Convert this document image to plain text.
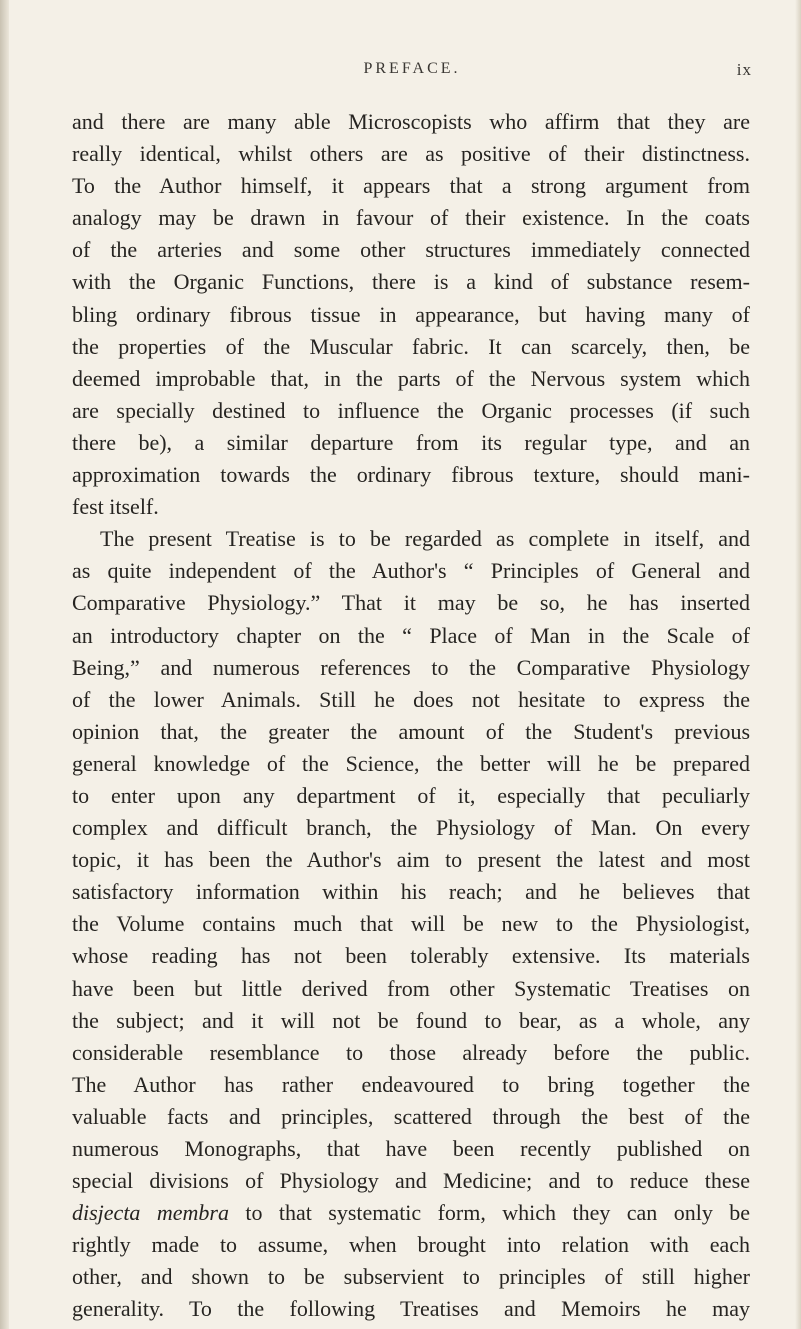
PREFACE.	ix
and there are many able Microscopists who affirm that they are
really identical, whilst others are as positive of their distinctness.
To the Author himself, it appears that a strong argument from
analogy may be drawn in favour of their existence. In the coats
of the arteries and some other structures immediately connected
with the Organic Functions, there is a kind of substance resem-
bling ordinary fibrous tissue in appearance, but having many of
the properties of the Muscular fabric. It can scarcely, then, be
deemed improbable that, in the parts of the Nervous system which
are specially destined to influence the Organic processes (if such
there be), a similar departure from its regular type, and an
approximation towards the ordinary fibrous texture, should mani-
fest itself.
The present Treatise is to be regarded as complete in itself, and
as quite independent of the Author's “ Principles of General and
Comparative Physiology.” That it may be so, he has inserted
an introductory chapter on the “ Place of Man in the Scale of
Being,” and numerous references to the Comparative Physiology
of the lower Animals. Still he does not hesitate to express the
opinion that, the greater the amount of the Student's previous
general knowledge of the Science, the better will he be prepared
to enter upon any department of it, especially that peculiarly
complex and difficult branch, the Physiology of Man. On every
topic, it has been the Author's aim to present the latest and most
satisfactory information within his reach; and he believes that
the Volume contains much that will be new to the Physiologist,
whose reading has not been tolerably extensive. Its materials
have been but little derived from other Systematic Treatises on
the subject; and it will not be found to bear, as a whole, any
considerable resemblance to those already before the public.
The Author has rather endeavoured to bring together the
valuable facts and principles, scattered through the best of the
numerous Monographs, that have been recently published on
special divisions of Physiology and Medicine; and to reduce these
disjecta membra to that systematic form, which they can only be
rightly made to assume, when brought into relation with each
other, and shown to be subservient to principles of still higher
generality. To the following Treatises and Memoirs he may
